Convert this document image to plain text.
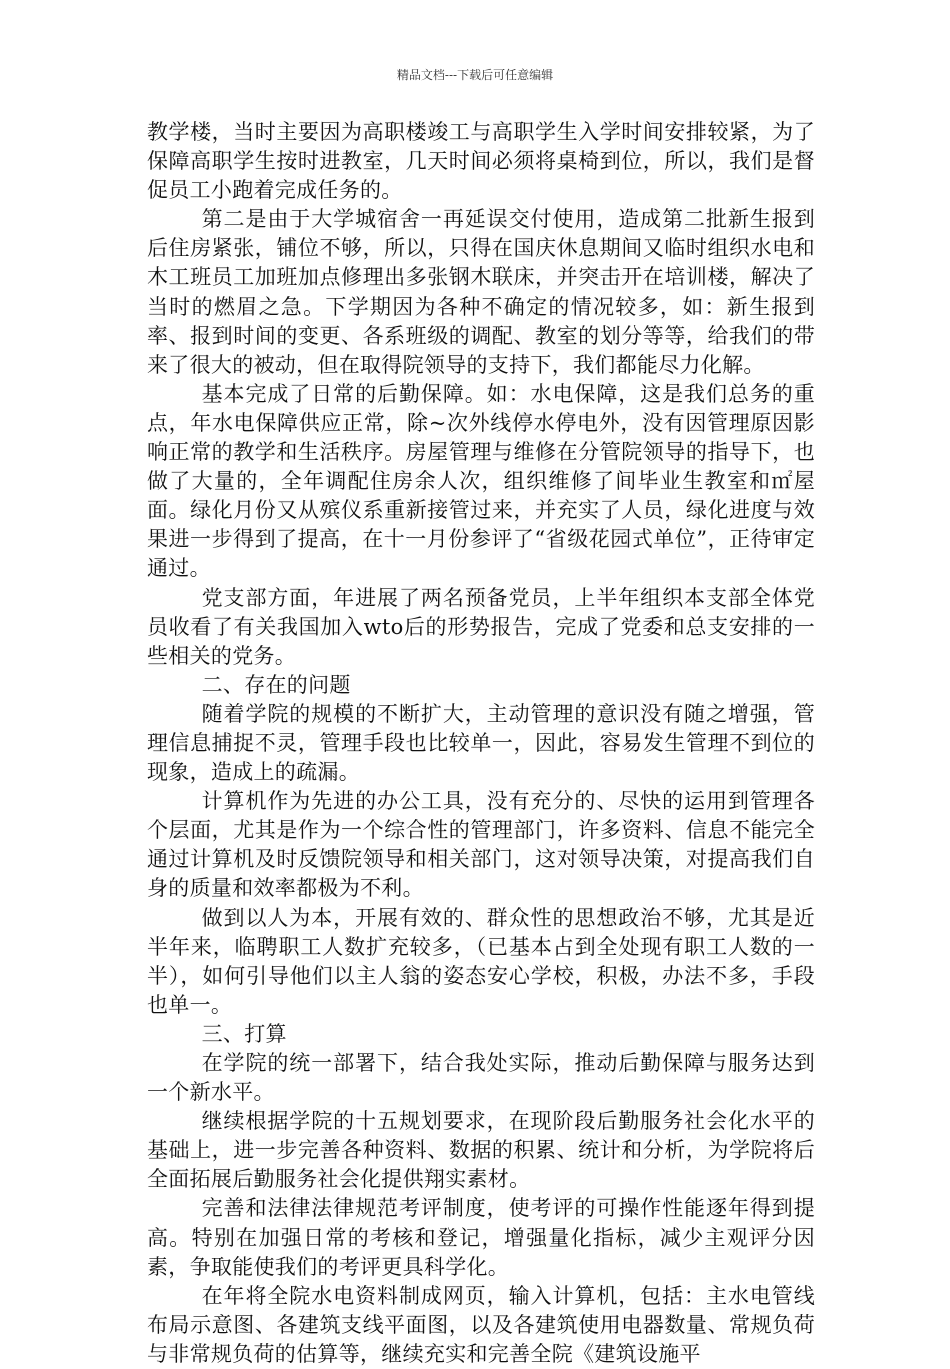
精品文档---下载后可任意编辑

教学楼，当时主要因为高职楼竣工与高职学生入学时间安排较紧，为了保障高职学生按时进教室，几天时间必须将桌椅到位，所以，我们是督促员工小跑着完成任务的。

第二是由于大学城宿舍一再延误交付使用，造成第二批新生报到后住房紧张，铺位不够，所以，只得在国庆休息期间又临时组织水电和木工班员工加班加点修理出多张钢木联床，并突击开在培训楼，解决了当时的燃眉之急。下学期因为各种不确定的情况较多，如：新生报到率、报到时间的变更、各系班级的调配、教室的划分等等，给我们的带来了很大的被动，但在取得院领导的支持下，我们都能尽力化解。

基本完成了日常的后勤保障。如：水电保障，这是我们总务的重点，年水电保障供应正常，除~次外线停水停电外，没有因管理原因影响正常的教学和生活秩序。房屋管理与维修在分管院领导的指导下，也做了大量的，全年调配住房余人次，组织维修了间毕业生教室和㎡屋面。绿化月份又从殡仪系重新接管过来，并充实了人员，绿化进度与效果进一步得到了提高，在十一月份参评了“省级花园式单位”，正待审定通过。

党支部方面，年进展了两名预备党员，上半年组织本支部全体党员收看了有关我国加入wto后的形势报告，完成了党委和总支安排的一些相关的党务。

二、存在的问题

随着学院的规模的不断扩大，主动管理的意识没有随之增强，管理信息捕捉不灵，管理手段也比较单一，因此，容易发生管理不到位的现象，造成上的疏漏。

计算机作为先进的办公工具，没有充分的、尽快的运用到管理各个层面，尤其是作为一个综合性的管理部门，许多资料、信息不能完全通过计算机及时反馈院领导和相关部门，这对领导决策，对提高我们自身的质量和效率都极为不利。

做到以人为本，开展有效的、群众性的思想政治不够，尤其是近半年来，临聘职工人数扩充较多，（已基本占到全处现有职工人数的一半），如何引导他们以主人翁的姿态安心学校，积极，办法不多，手段也单一。

三、打算

在学院的统一部署下，结合我处实际，推动后勤保障与服务达到一个新水平。

继续根据学院的十五规划要求，在现阶段后勤服务社会化水平的基础上，进一步完善各种资料、数据的积累、统计和分析，为学院将后全面拓展后勤服务社会化提供翔实素材。

完善和法律法律规范考评制度，使考评的可操作性能逐年得到提高。特别在加强日常的考核和登记，增强量化指标，减少主观评分因素，争取能使我们的考评更具科学化。

在年将全院水电资料制成网页，输入计算机，包括：主水电管线布局示意图、各建筑支线平面图，以及各建筑使用电器数量、常规负荷与非常规负荷的估算等，继续充实和完善全院《建筑设施平
